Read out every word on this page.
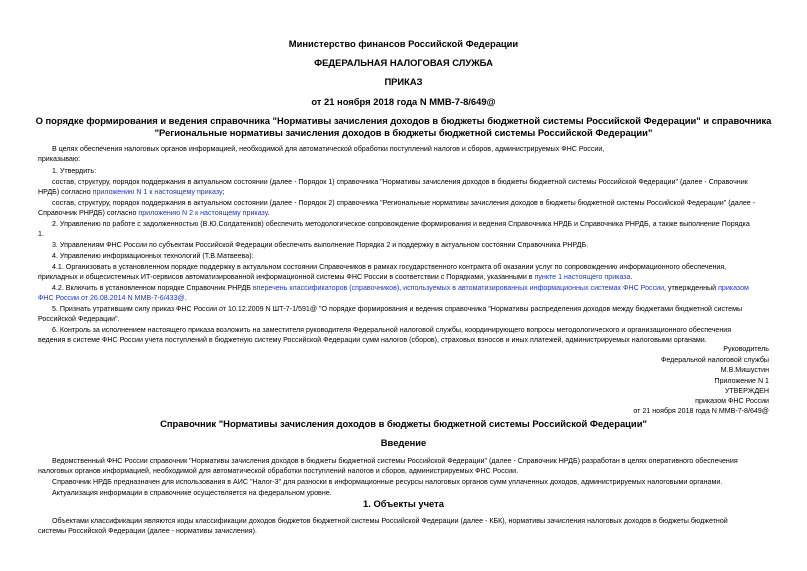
Министерство финансов Российской Федерации
ФЕДЕРАЛЬНАЯ НАЛОГОВАЯ СЛУЖБА
ПРИКАЗ
от 21 ноября 2018 года N ММВ-7-8/649@
О порядке формирования и ведения справочника "Нормативы зачисления доходов в бюджеты бюджетной системы Российской Федерации" и справочника
"Региональные нормативы зачисления доходов в бюджеты бюджетной системы Российской Федерации"
В целях обеспечения налоговых органов информацией, необходимой для автоматической обработки поступлений налогов и сборов, администрируемых ФНС России,
приказываю:
1. Утвердить:
состав, структуру, порядок поддержания в актуальном состоянии (далее - Порядок 1) справочника "Нормативы зачисления доходов в бюджеты бюджетной системы Российской Федерации" (далее - Справочник
НРДБ) согласно приложению N 1 к настоящему приказу;
состав, структуру, порядок поддержания в актуальном состоянии (далее - Порядок 2) справочника "Региональные нормативы зачисления доходов в бюджеты бюджетной системы Российской Федерации" (далее -
Справочник РНРДБ) согласно приложению N 2 к настоящему приказу.
2. Управлению по работе с задолженностью (В.Ю.Солдатенков) обеспечить методологическое сопровождение формирования и ведения Справочника НРДБ и Справочника РНРДБ, а также выполнение Порядка
1.
3. Управлениям ФНС России по субъектам Российской Федерации обеспечить выполнение Порядка 2 и поддержку в актуальном состоянии Справочника РНРДБ.
4. Управлению информационных технологий (Т.В.Матвеева):
4.1. Организовать в установленном порядке поддержку в актуальном состоянии Справочников в рамках государственного контракта об оказании услуг по сопровождению информационного обеспечения,
прикладных и общесистемных ИТ-сервисов автоматизированной информационной системы ФНС России в соответствии с Порядками, указанными в пункте 1 настоящего приказа.
4.2. Включить в установленном порядке Справочник РНРДБ вперечень классификаторов (справочников), используемых в автоматизированных информационных системах ФНС России, утвержденный приказом
ФНС России от 26.08.2014 N ММВ-7-6/433@.
5. Признать утратившим силу приказ ФНС России от 10.12.2009 N ШТ-7-1/591@ "О порядке формирования и ведения справочника "Нормативы распределения доходов между бюджетами бюджетной системы
Российской Федерации".
6. Контроль за исполнением настоящего приказа возложить на заместителя руководителя Федеральной налоговой службы, координирующего вопросы методологического и организационного обеспечения
ведения в системе ФНС России учета поступлений в бюджетную систему Российской Федерации сумм налогов (сборов), страховых взносов и иных платежей, администрируемых налоговыми органами.
Руководитель
Федеральной налоговой службы
М.В.Мишустин
Приложение N 1
УТВЕРЖДЕН
приказом ФНС России
от 21 ноября 2018 года N ММВ-7-8/649@
Справочник "Нормативы зачисления доходов в бюджеты бюджетной системы Российской Федерации"
Введение
Ведомственный ФНС России справочник "Нормативы зачисления доходов в бюджеты бюджетной системы Российской Федерации" (далее - Справочник НРДБ) разработан в целях оперативного обеспечения
налоговых органов информацией, необходимой для автоматической обработки поступлений налогов и сборов, администрируемых ФНС России.
Справочник НРДБ предназначен для использования в АИС "Налог-3" для разноски в информационные ресурсы налоговых органов сумм уплаченных доходов, администрируемых налоговыми органами.
Актуализация информации в справочнике осуществляется на федеральном уровне.
1. Объекты учета
Объектами классификации являются коды классификации доходов бюджетов бюджетной системы Российской Федерации (далее - КБК), нормативы зачисления налоговых доходов в бюджеты бюджетной
системы Российской Федерации (далее - нормативы зачисления).
